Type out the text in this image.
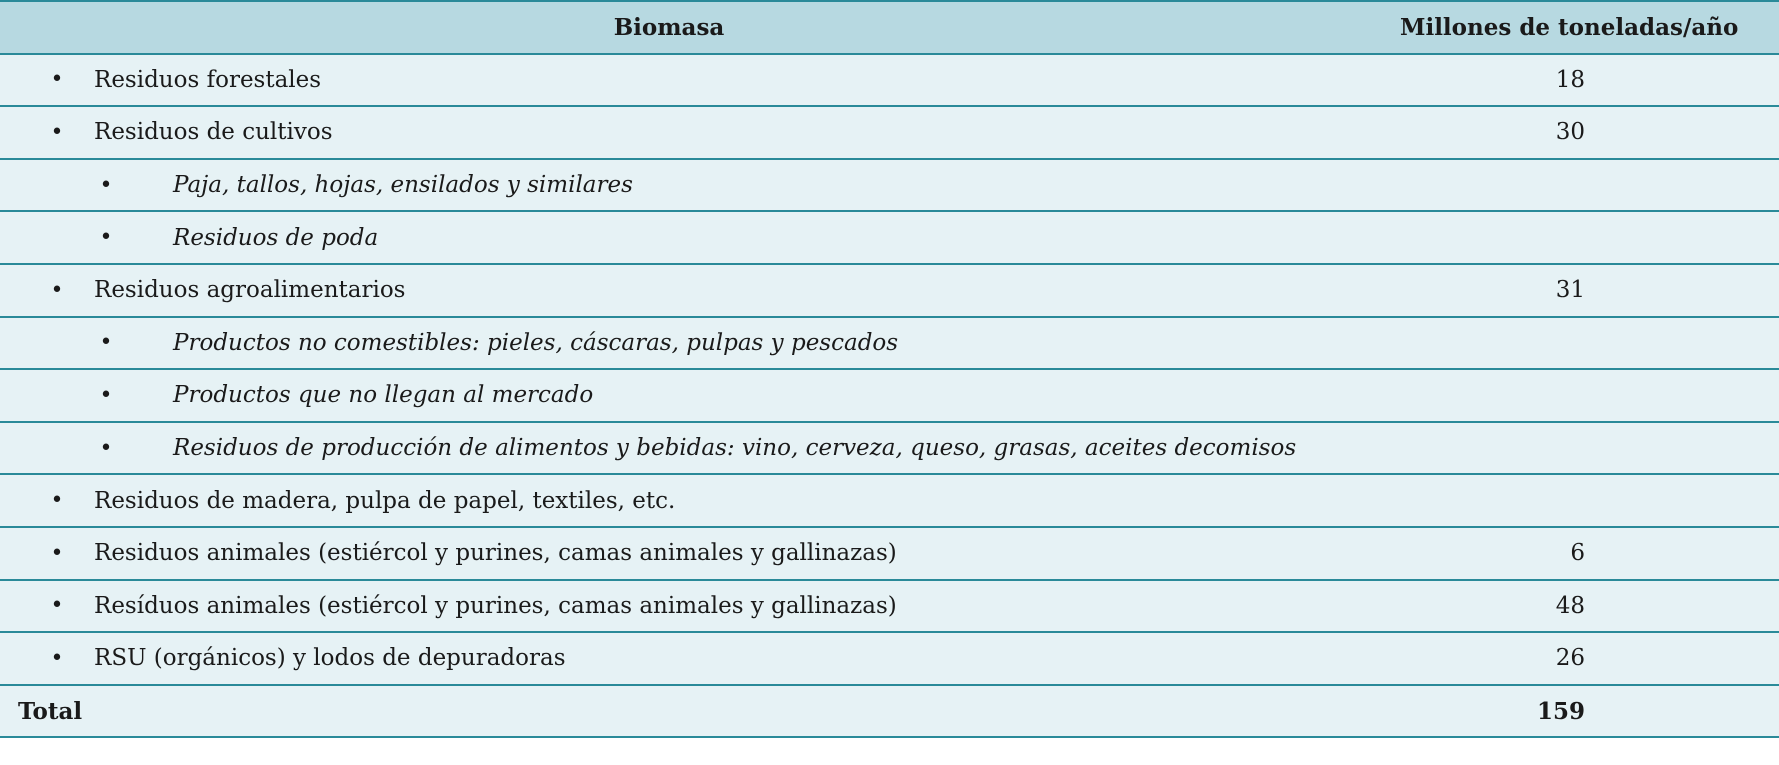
Biomasa	Millones de toneladas/año
• Residuos forestales	18
• Residuos de cultivos	30
•	Paja, tallos, hojas, ensilados y similares
•	Residuos de poda
• Residuos agroalimentarios	31
•	Productos no comestibles: pieles, cáscaras, pulpas y pescados
•	Productos que no llegan al mercado
•	Residuos de producción de alimentos y bebidas: vino, cerveza, queso, grasas, aceites decomisos
• Residuos de madera, pulpa de papel, textiles, etc.
• Residuos animales (estiércol y purines, camas animales y gallinazas)	6
• Resíduos animales (estiércol y purines, camas animales y gallinazas)	48
• RSU (orgánicos) y lodos de depuradoras	26
Total	159
